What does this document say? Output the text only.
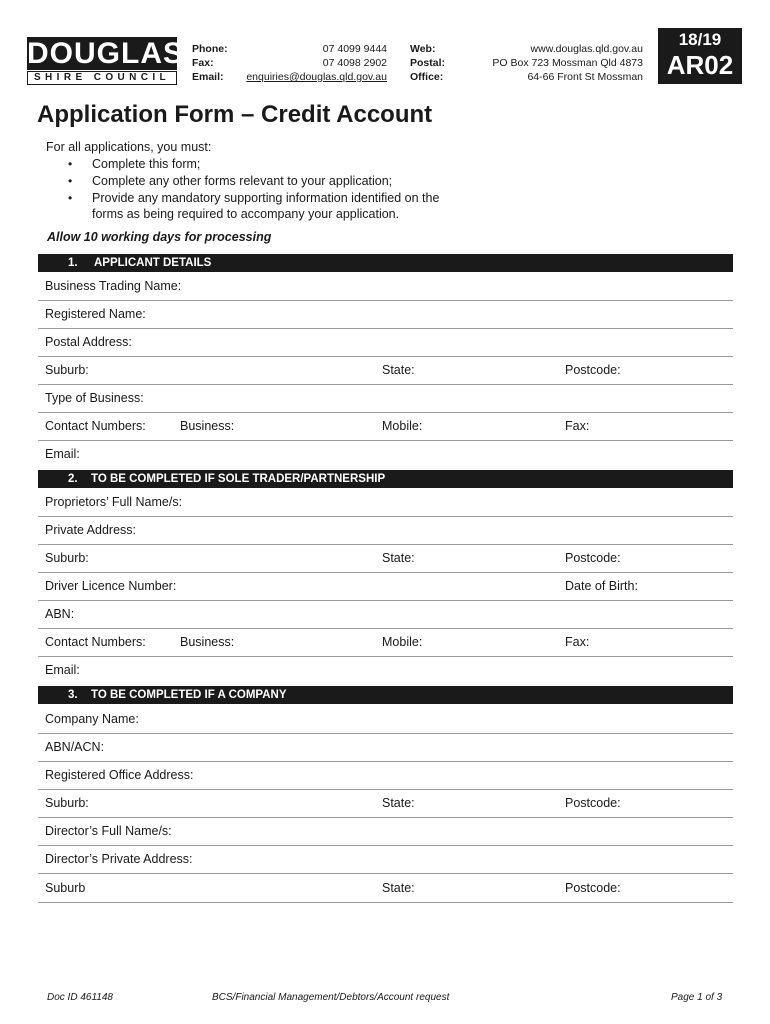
DOUGLAS
SHIRE COUNCIL
Phone:	07 4099 9444
Fax:	07 4098 2902
Email:	enquiries@douglas.qld.gov.au
Web:	www.douglas.qld.gov.au
Postal:	PO Box 723 Mossman Qld 4873
Office:	64-66 Front St Mossman
18/19
AR02
Application Form – Credit Account
For all applications, you must:
• Complete this form;
• Complete any other forms relevant to your application;
• Provide any mandatory supporting information identified on the
forms as being required to accompany your application.
Allow 10 working days for processing
1. APPLICANT DETAILS
Business Trading Name:
Registered Name:
Postal Address:
Suburb:	State:	Postcode:
Type of Business:
Contact Numbers:	Business:	Mobile:	Fax:
Email:
2. TO BE COMPLETED IF SOLE TRADER/PARTNERSHIP
Proprietors’ Full Name/s:
Private Address:
Suburb:	State:	Postcode:
Driver Licence Number:	Date of Birth:
ABN:
Contact Numbers:	Business:	Mobile:	Fax:
Email:
3. TO BE COMPLETED IF A COMPANY
Company Name:
ABN/ACN:
Registered Office Address:
Suburb:	State:	Postcode:
Director’s Full Name/s:
Director’s Private Address:
Suburb	State:	Postcode:
Doc ID 461148	BCS/Financial Management/Debtors/Account request	Page 1 of 3
